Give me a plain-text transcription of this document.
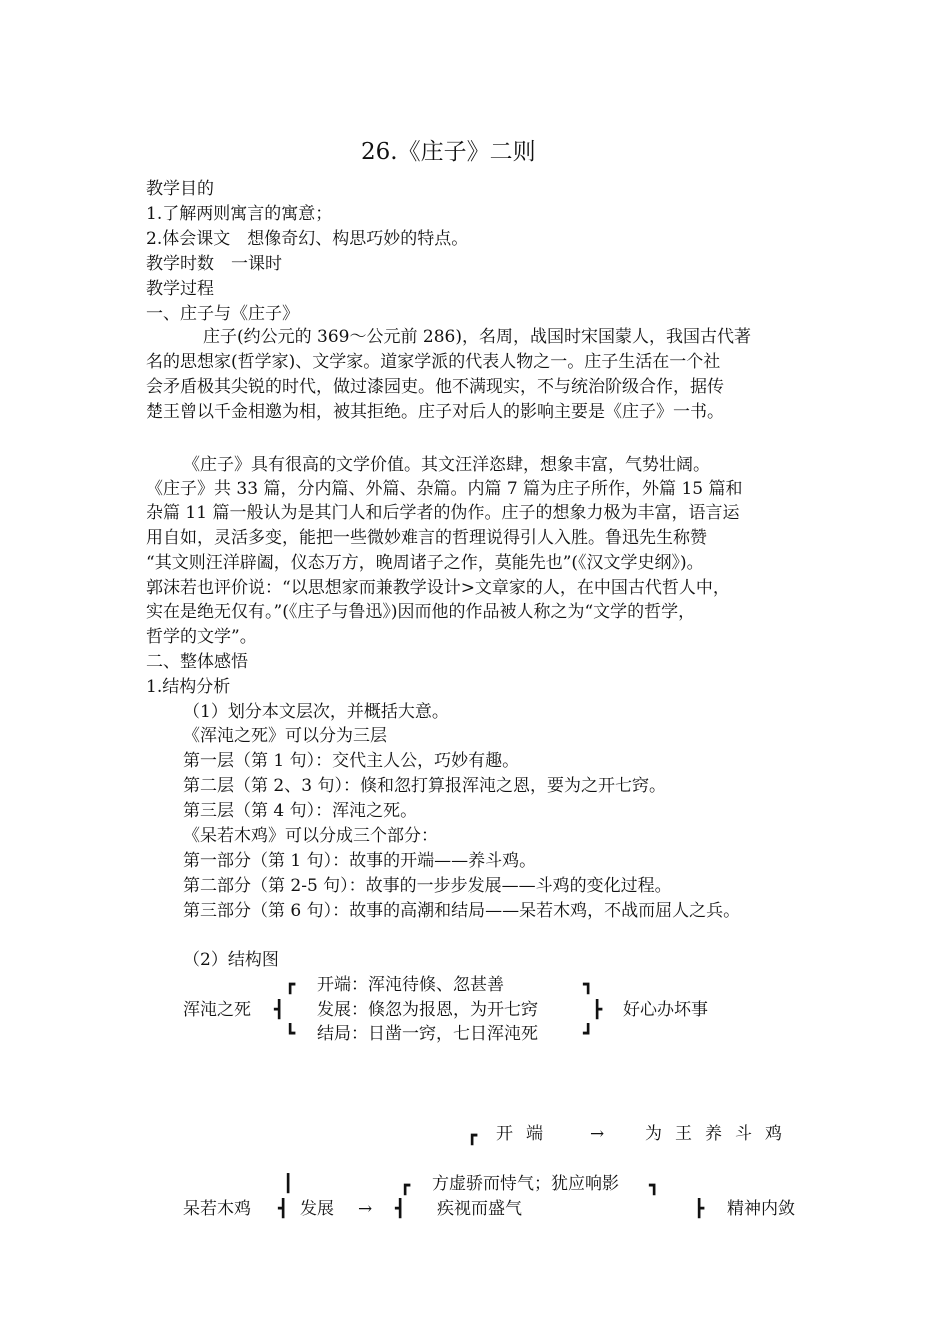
26.《庄子》二则
教学目的
1.了解两则寓言的寓意；
2.体会课文　想像奇幻、构思巧妙的特点。
教学时数　一课时
教学过程
一、庄子与《庄子》
庄子(约公元的 369～公元前 286)，名周，战国时宋国蒙人，我国古代著
名的思想家(哲学家)、文学家。道家学派的代表人物之一。庄子生活在一个社
会矛盾极其尖锐的时代，做过漆园吏。他不满现实，不与统治阶级合作，据传
楚王曾以千金相邀为相，被其拒绝。庄子对后人的影响主要是《庄子》一书。
《庄子》具有很高的文学价值。其文汪洋恣肆，想象丰富，气势壮阔。
《庄子》共 33 篇，分内篇、外篇、杂篇。内篇 7 篇为庄子所作，外篇 15 篇和
杂篇 11 篇一般认为是其门人和后学者的伪作。庄子的想象力极为丰富，语言运
用自如，灵活多变，能把一些微妙难言的哲理说得引人入胜。鲁迅先生称赞
“其文则汪洋辟阖，仪态万方，晚周诸子之作，莫能先也”(《汉文学史纲》)。
郭沫若也评价说：“以思想家而兼教学设计>文章家的人，在中国古代哲人中，
实在是绝无仅有。”(《庄子与鲁迅》)因而他的作品被人称之为“文学的哲学，
哲学的文学”。
二、整体感悟
1.结构分析
（1）划分本文层次，并概括大意。
《浑沌之死》可以分为三层
第一层（第 1 句）：交代主人公，巧妙有趣。
第二层（第 2、3 句）：倏和忽打算报浑沌之恩，要为之开七窍。
第三层（第 4 句）：浑沌之死。
《呆若木鸡》可以分成三个部分：
第一部分（第 1 句）：故事的开端——养斗鸡。
第二部分（第 2-5 句）：故事的一步步发展——斗鸡的变化过程。
第三部分（第 6 句）：故事的高潮和结局——呆若木鸡，不战而屈人之兵。
（2）结构图
浑沌之死
┏
┫
┗
开端：浑沌待倏、忽甚善
发展：倏忽为报恩，为开七窍
结局：日凿一窍，七日浑沌死
┓
┣
┛
好心办坏事
┏ 开端 → 为王养斗鸡
┃	┏ 方虚骄而恃气；犹应响影 ┓
呆若木鸡 ┫ 发展 → ┫ 疾视而盛气	┣ 精神内敛
